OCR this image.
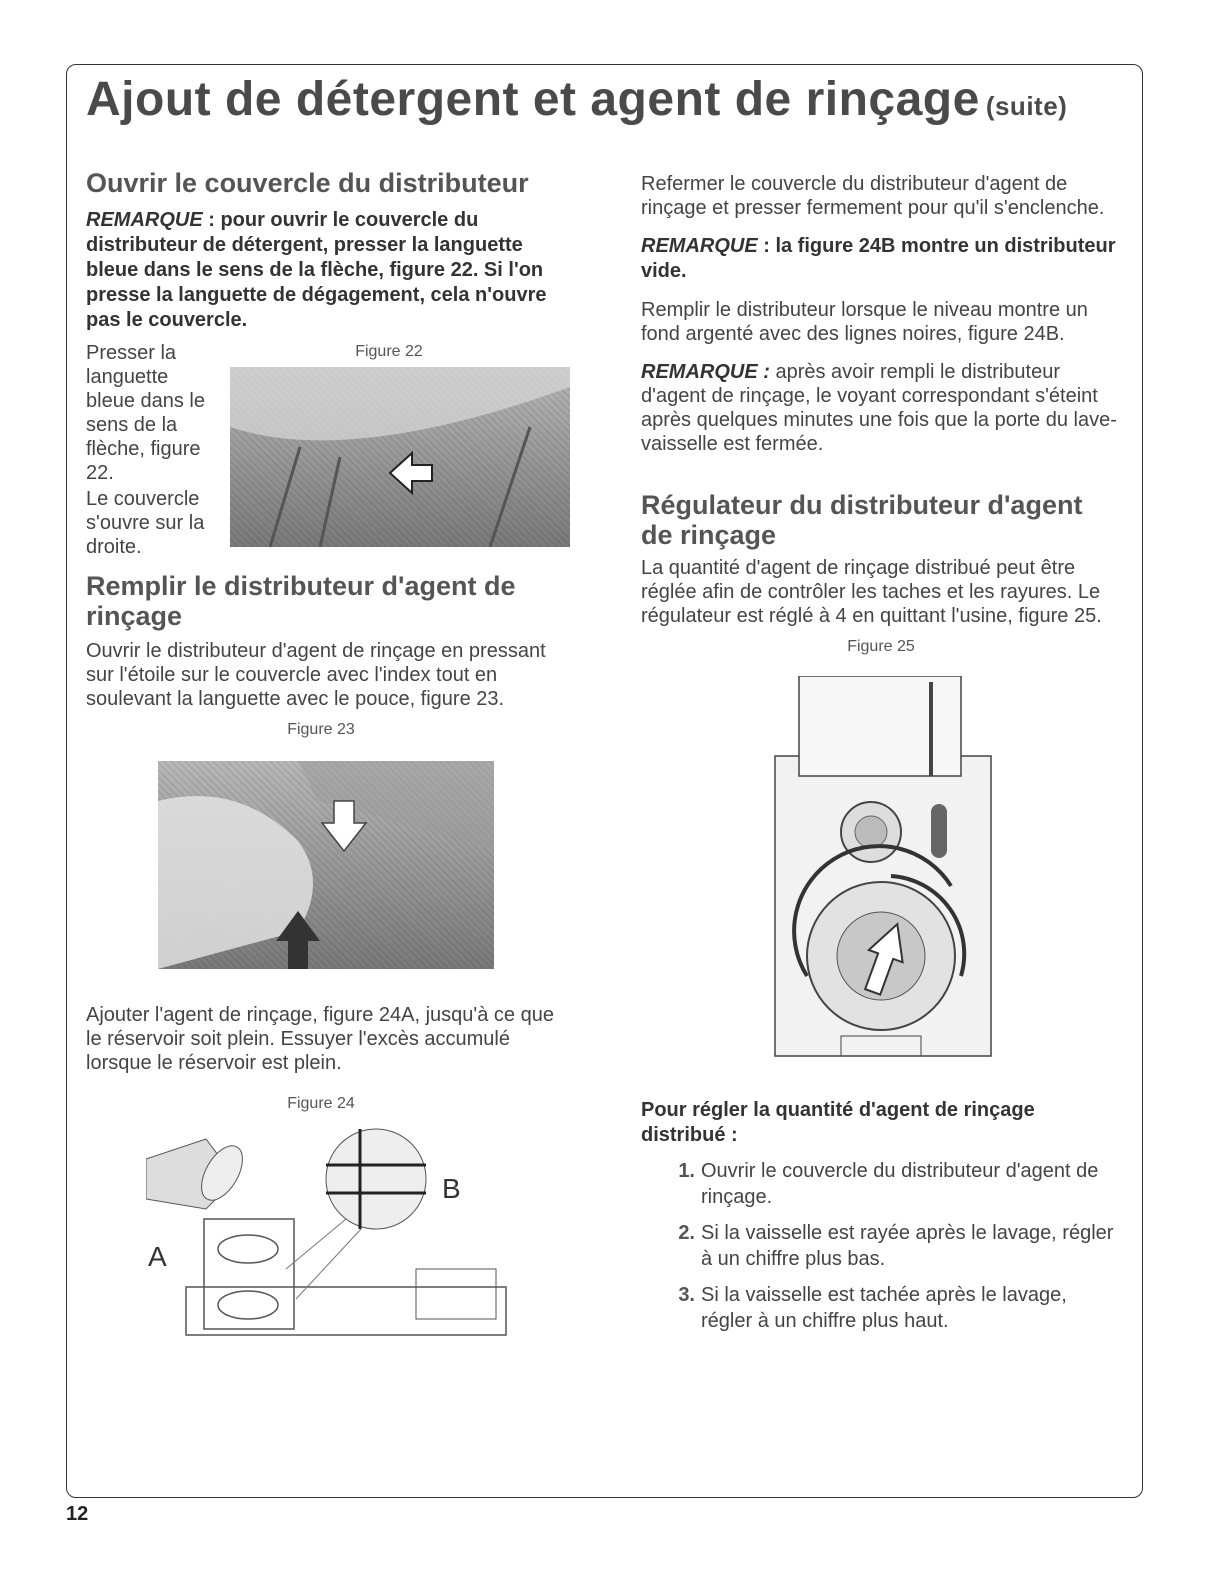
Ajout de détergent et agent de rinçage (suite)
Ouvrir le couvercle du distributeur

REMARQUE : pour ouvrir le couvercle du distributeur de détergent, presser la languette bleue dans le sens de la flèche, figure 22. Si l'on presse la languette de dégagement, cela n'ouvre pas le couvercle.

Presser la languette bleue dans le sens de la flèche, figure 22.

Le couvercle s'ouvre sur la droite.

Figure 22
Remplir le distributeur d'agent de rinçage

Ouvrir le distributeur d'agent de rinçage en pressant sur l'étoile sur le couvercle avec l'index tout en soulevant la languette avec le pouce, figure 23.

Figure 23

Ajouter l'agent de rinçage, figure 24A, jusqu'à ce que le réservoir soit plein. Essuyer l'excès accumulé lorsque le réservoir est plein.

Figure 24
A
B

Refermer le couvercle du distributeur d'agent de rinçage et presser fermement pour qu'il s'enclenche.

REMARQUE : la figure 24B montre un distributeur vide.

Remplir le distributeur lorsque le niveau montre un fond argenté avec des lignes noires, figure 24B.

REMARQUE : après avoir rempli le distributeur d'agent de rinçage, le voyant correspondant s'éteint après quelques minutes une fois que la porte du lave-vaisselle est fermée.

Régulateur du distributeur d'agent de rinçage

La quantité d'agent de rinçage distribué peut être réglée afin de contrôler les taches et les rayures. Le régulateur est réglé à 4 en quittant l'usine, figure 25.

Figure 25

Pour régler la quantité d'agent de rinçage distribué :

1. Ouvrir le couvercle du distributeur d'agent de rinçage.
2. Si la vaisselle est rayée après le lavage, régler à un chiffre plus bas.
3. Si la vaisselle est tachée après le lavage, régler à un chiffre plus haut.
12
